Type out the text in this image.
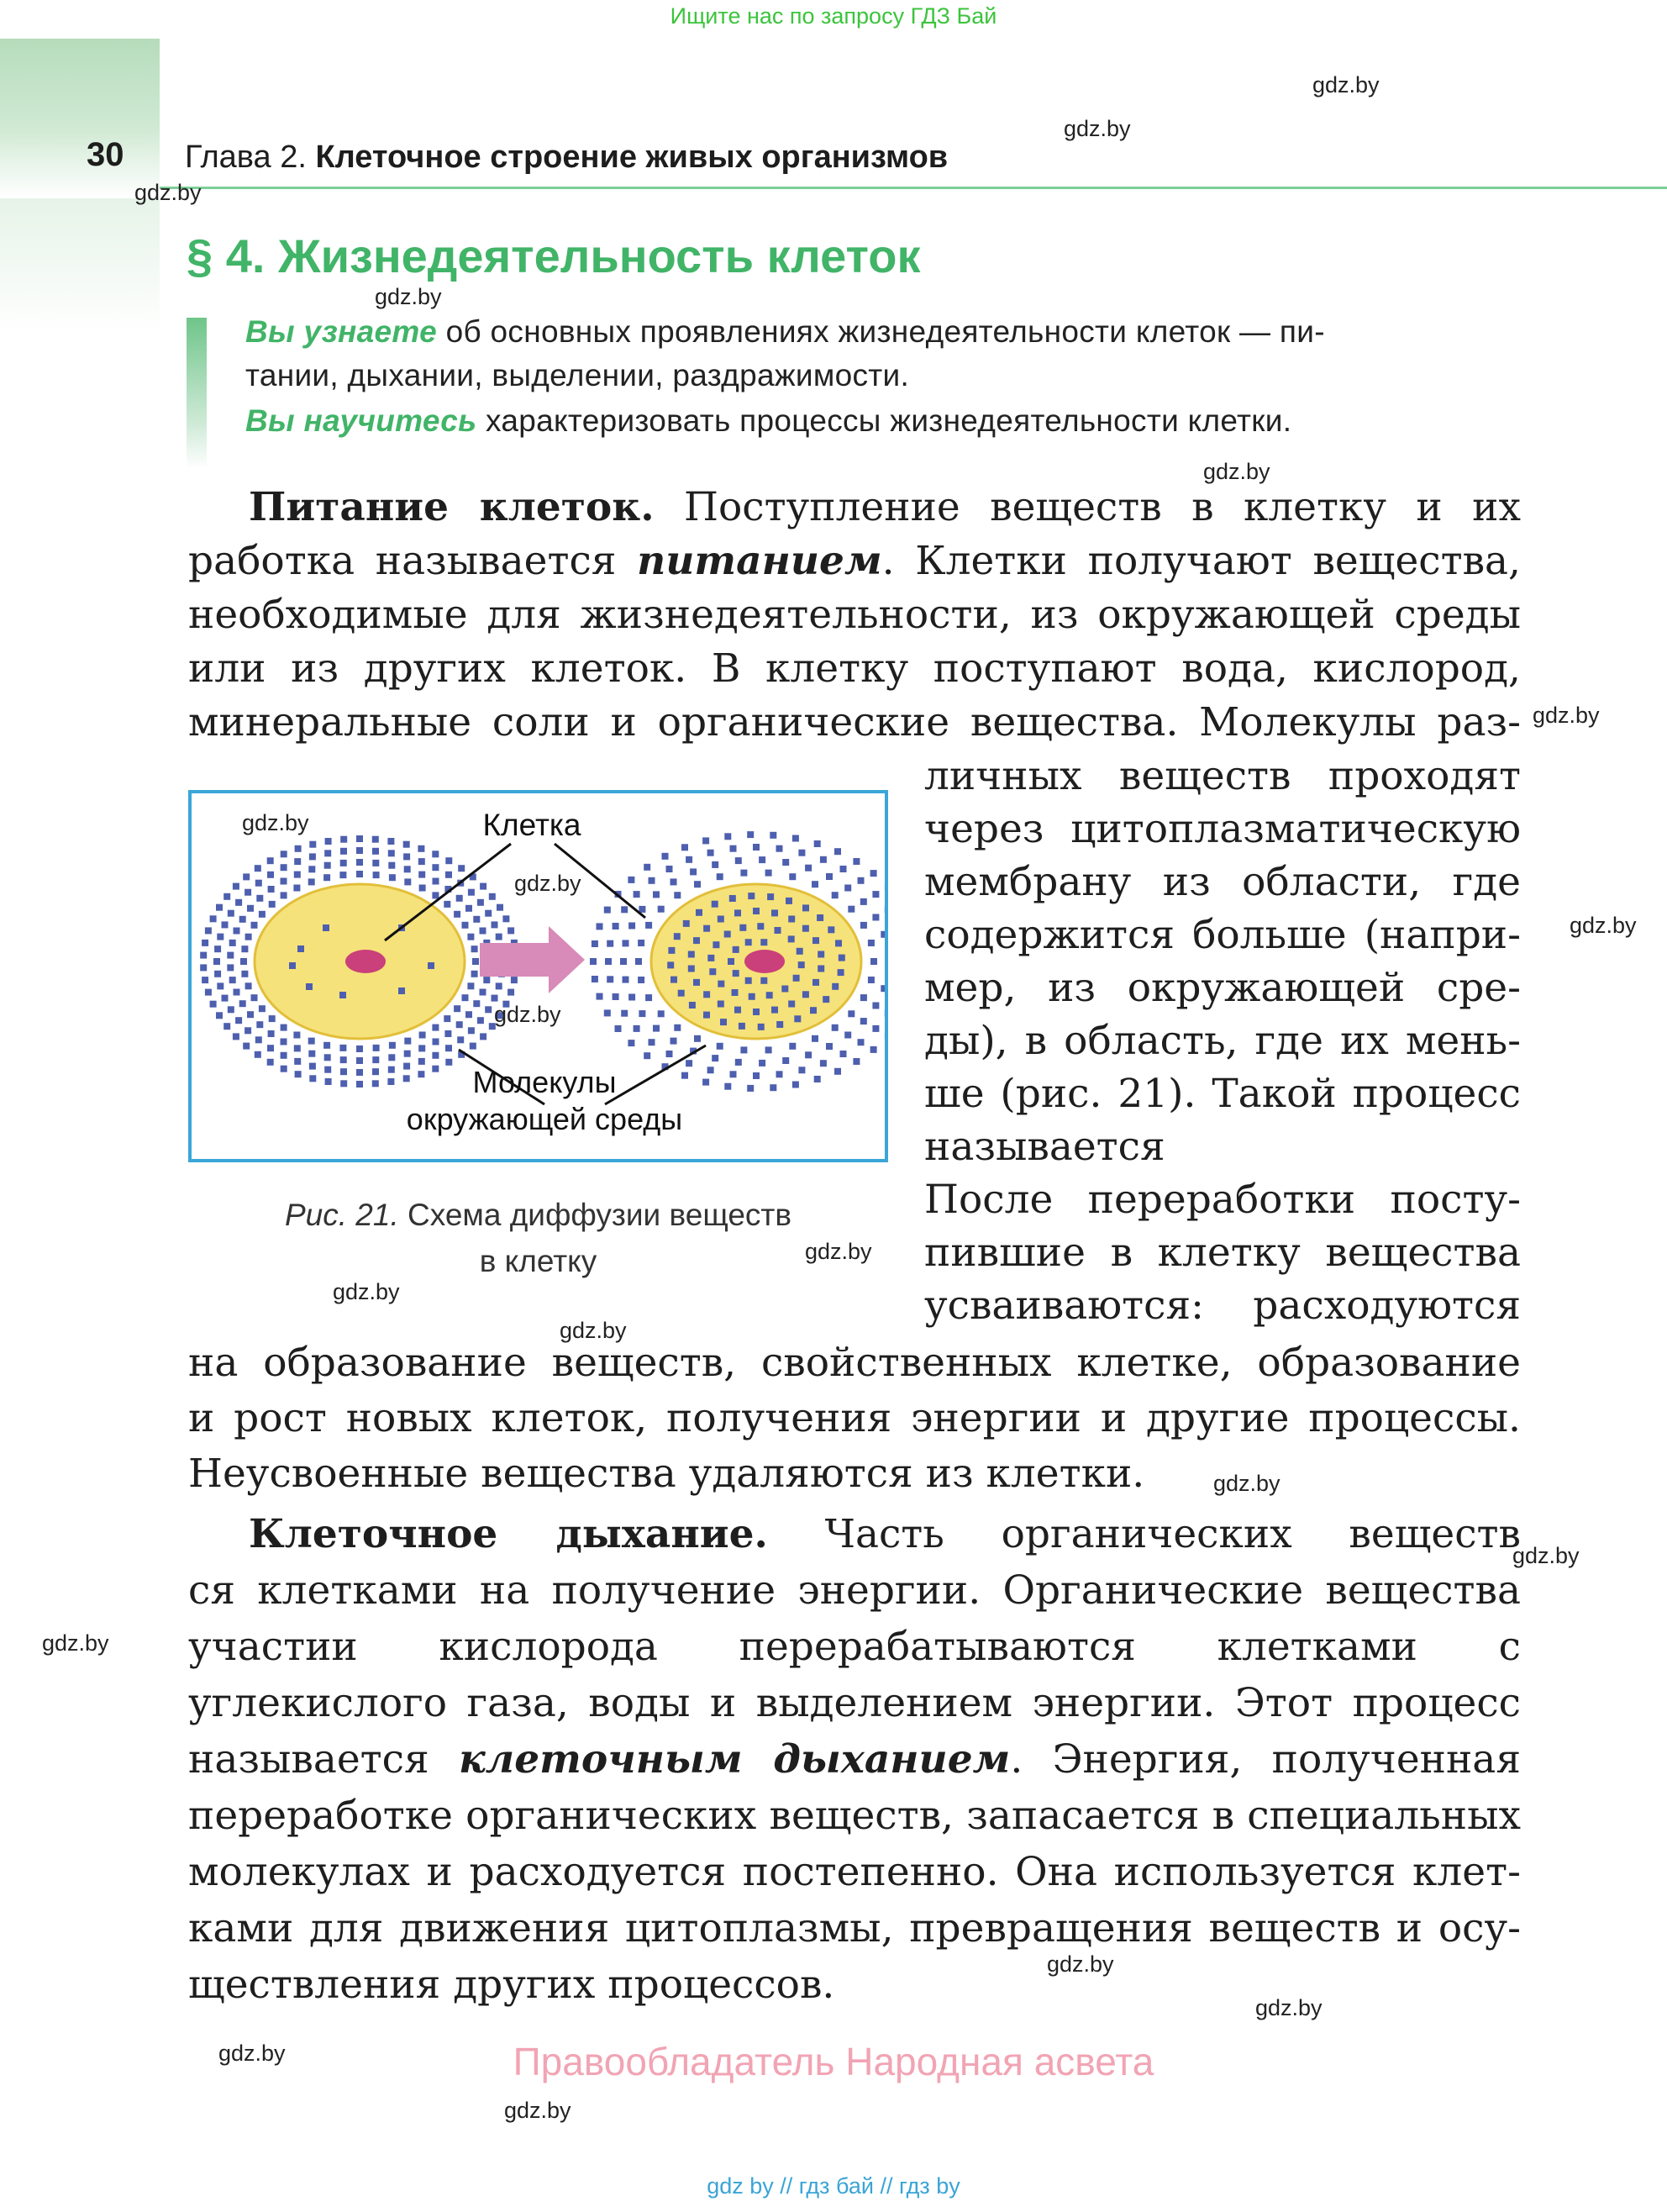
Ищите нас по запросу ГДЗ Бай
30 Глава 2. Клеточное строение живых организмов
§ 4. Жизнедеятельность клеток
Вы узнаете об основных проявлениях жизнедеятельности клеток — пи-
тании, дыхании, выделении, раздражимости.
Вы научитесь характеризовать процессы жизнедеятельности клетки.
Питание клеток. Поступление веществ в клетку и их
работка называется питанием. Клетки получают вещества,
необходимые для жизнедеятельности, из окружающей среды
или из других клеток. В клетку поступают вода, кислород,
минеральные соли и органические вещества. Молекулы раз-
личных веществ проходят
через цитоплазматическую
мембрану из области, где
содержится больше (напри-
мер, из окружающей сре-
ды), в область, где их мень-
ше (рис. 21). Такой процесс
называется
После переработки посту-
пившие в клетку вещества
усваиваются: расходуются
на образование веществ, свойственных клетке, образование
и рост новых клеток, получения энергии и другие процессы.
Неусвоенные вещества удаляются из клетки.
Клетка
Молекулы
окружающей среды
Рис. 21. Схема диффузии веществ
в клетку
Клеточное дыхание. Часть органических веществ
ся клетками на получение энергии. Органические вещества
участии кислорода перерабатываются клетками с
углекислого газа, воды и выделением энергии. Этот процесс
называется клеточным дыханием. Энергия, полученная
переработке органических веществ, запасается в специальных
молекулах и расходуется постепенно. Она используется клет-
ками для движения цитоплазмы, превращения веществ и осу-
ществления других процессов.
gdz.by
gdz.by
gdz.by
gdz.by
gdz.by
gdz.by
gdz.by
gdz.by
gdz.by
gdz.by
gdz.by
gdz.by
gdz.by
gdz.by
gdz.by
gdz.by
gdz.by
gdz.by
gdz.by
gdz.by
Правообладатель Народная асвета
gdz by // гдз бай // гдз by
